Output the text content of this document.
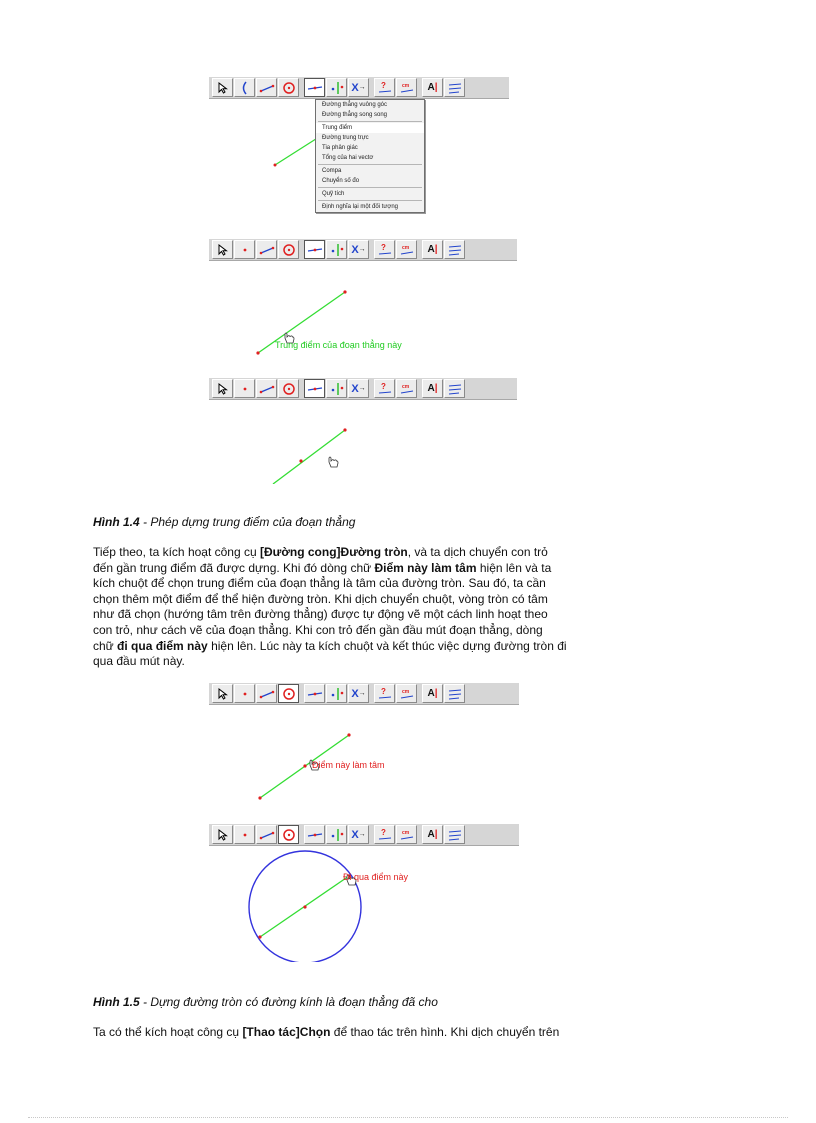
X → ?	cm A |
Đường thẳng vuông góc
Đường thẳng song song
Trung điểm
Đường trung trực
Tia phân giác
Tổng của hai vectơ
Compa
Chuyển số đo
Quỹ tích
Định nghĩa lại một đối tượng
X → ?	cm A |
Trung điểm của đoạn thẳng này
X → ?	cm A |
Hình 1.4 - Phép dựng trung điểm của đoạn thẳng
Tiếp theo, ta kích hoạt công cụ [Đường cong]Đường tròn, và ta dịch chuyển con trỏ
đến gần trung điểm đã được dựng. Khi đó dòng chữ Điểm này làm tâm hiện lên và ta
kích chuột để chọn trung điểm của đoạn thẳng là tâm của đường tròn. Sau đó, ta cần
chọn thêm một điểm để thể hiện đường tròn. Khi dịch chuyển chuột, vòng tròn có tâm
như đã chọn (hướng tâm trên đường thẳng) được tự động vẽ một cách linh hoạt theo
con trỏ, như cách vẽ của đoạn thẳng. Khi con trỏ đến gần đầu mút đoạn thẳng, dòng
chữ đi qua điểm này hiện lên. Lúc này ta kích chuột và kết thúc việc dựng đường tròn đi
qua đầu mút này.
X → ?	cm A |
Điểm này làm tâm
X → ?	cm A |
Đi qua điểm này
Hình 1.5 - Dựng đường tròn có đường kính là đoạn thẳng đã cho
Ta có thể kích hoạt công cụ [Thao tác]Chọn để thao tác trên hình. Khi dịch chuyển trên
